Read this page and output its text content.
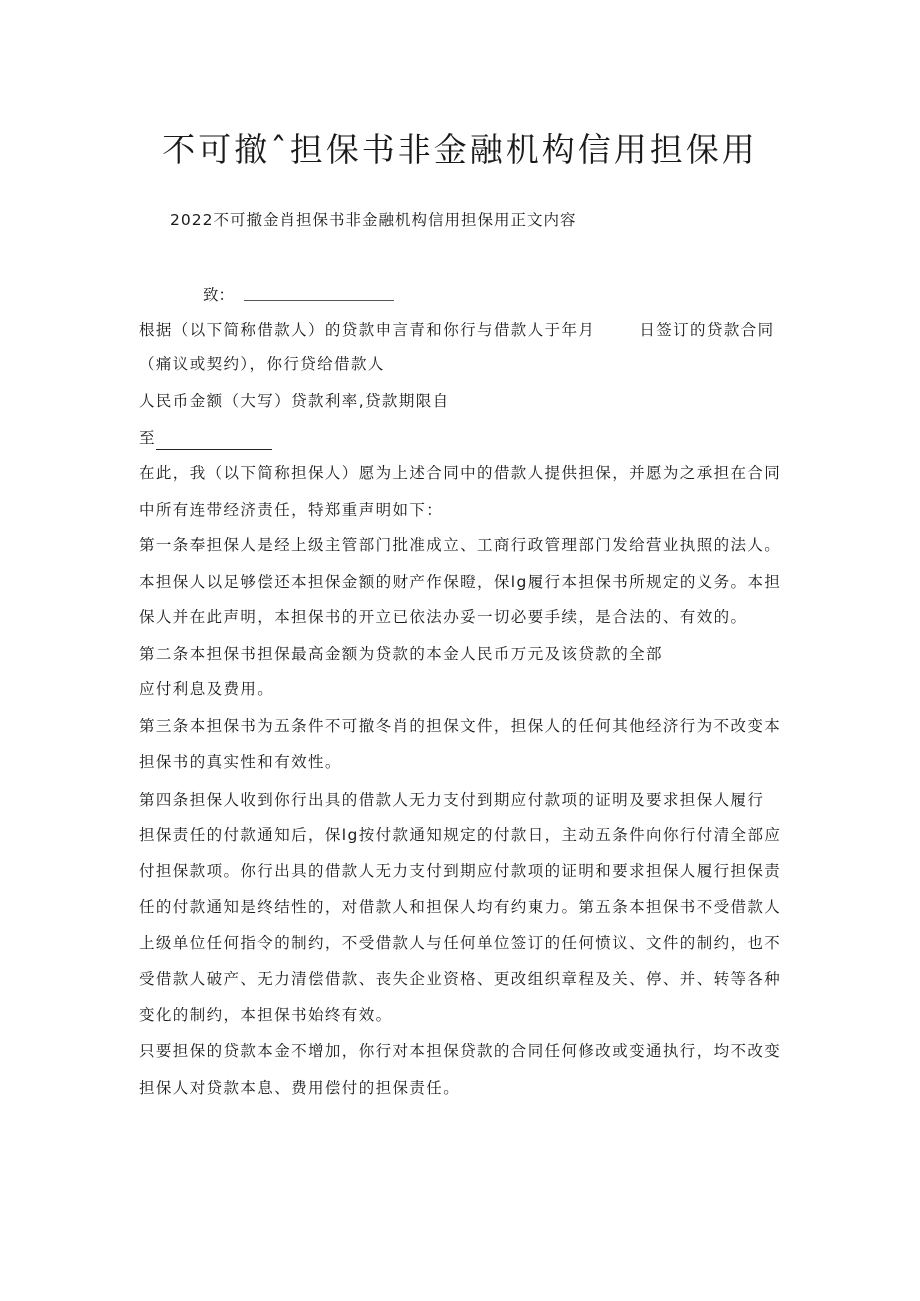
不可撤ˆ担保书非金融机构信用担保用

2022不可撤金肖担保书非金融机构信用担保用正文内容

致：
根据（以下简称借款人）的贷款申言青和你行与借款人于年月	日签订的贷款合同

（痛议或契约），你行贷给借款人

人民币金额（大写）贷款利率,贷款期限自

至

在此，我（以下简称担保人）愿为上述合同中的借款人提供担保，并愿为之承担在合同

中所有连带经济责任，特郑重声明如下：

第一条奉担保人是经上级主管部门批准成立、工商行政管理部门发给营业执照的法人。

本担保人以足够偿还本担保金额的财产作保瞪，保lg履行本担保书所规定的义务。本担

保人并在此声明，本担保书的开立已依法办妥一切必要手续，是合法的、有效的。

第二条本担保书担保最高金额为贷款的本金人民币万元及该贷款的全部

应付利息及费用。

第三条本担保书为五条件不可撤冬肖的担保文件，担保人的任何其他经济行为不改变本

担保书的真实性和有效性。

第四条担保人收到你行出具的借款人无力支付到期应付款项的证明及要求担保人履行

担保责任的付款通知后，保lg按付款通知规定的付款日，主动五条件向你行付清全部应

付担保款项。你行出具的借款人无力支付到期应付款项的证明和要求担保人履行担保责

任的付款通知是终结性的，对借款人和担保人均有约東力。第五条本担保书不受借款人

上级单位任何指令的制约，不受借款人与任何单位签订的任何愤议、文件的制约，也不

受借款人破产、无力清偿借款、丧失企业资格、更改组织章程及关、停、并、转等各种

变化的制约，本担保书始终有效。

只要担保的贷款本金不增加，你行对本担保贷款的合同任何修改或变通执行，均不改变

担保人对贷款本息、费用偿付的担保责任。
